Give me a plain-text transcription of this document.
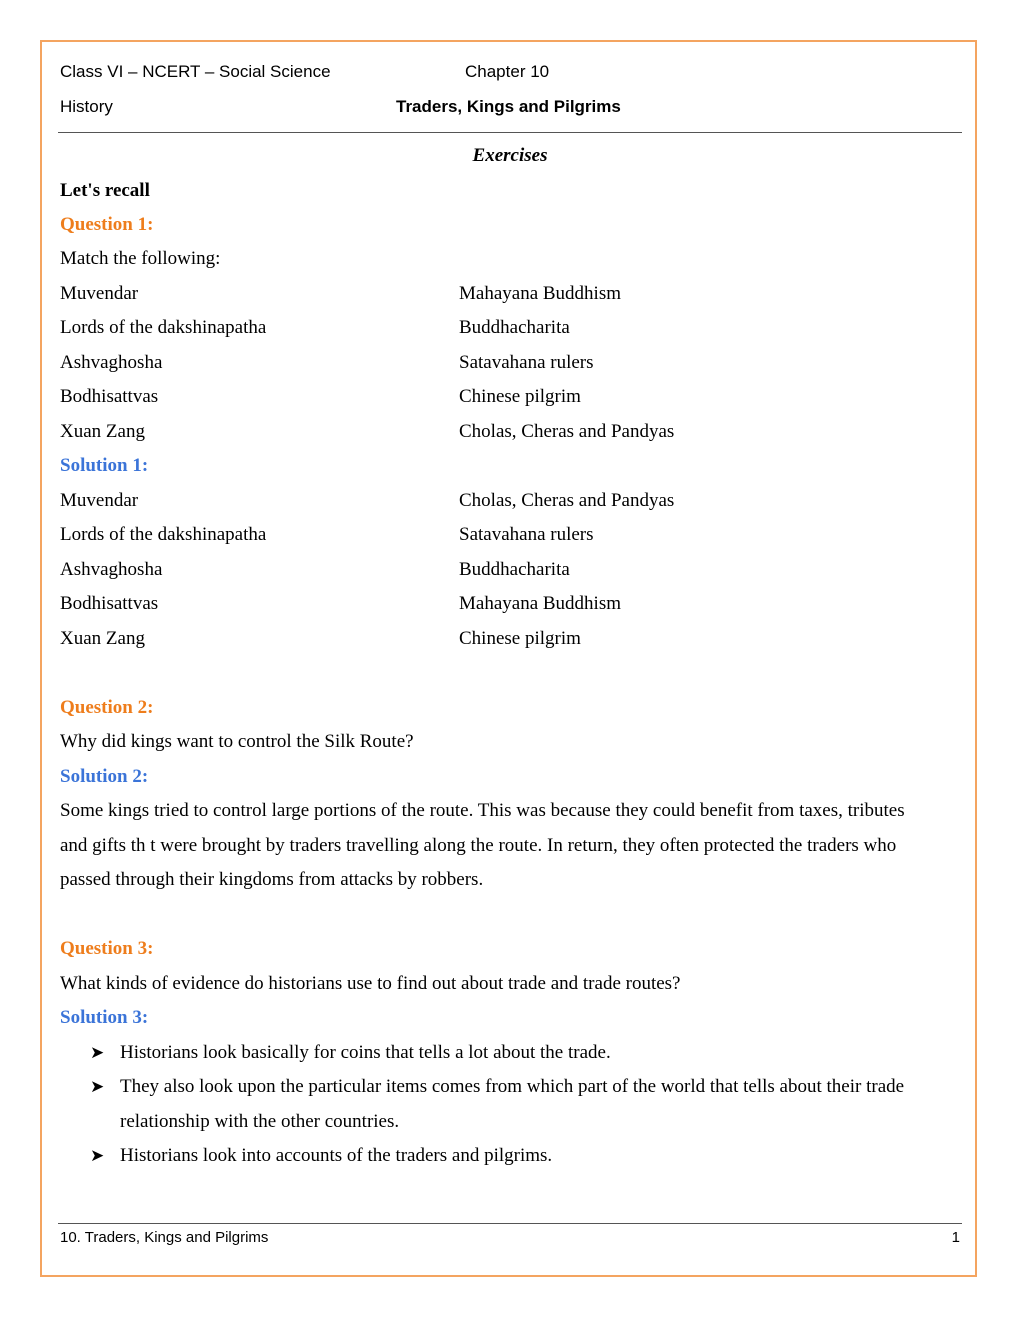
Class VI – NCERT – Social Science	Chapter 10
History	Traders, Kings and Pilgrims
Exercises
Let's recall
Question 1:
Match the following:
Muvendar	Mahayana Buddhism
Lords of the dakshinapatha	Buddhacharita
Ashvaghosha	Satavahana rulers
Bodhisattvas	Chinese pilgrim
Xuan Zang	Cholas, Cheras and Pandyas
Solution 1:
Muvendar	Cholas, Cheras and Pandyas
Lords of the dakshinapatha	Satavahana rulers
Ashvaghosha	Buddhacharita
Bodhisattvas	Mahayana Buddhism
Xuan Zang	Chinese pilgrim
Question 2:
Why did kings want to control the Silk Route?
Solution 2:
Some kings tried to control large portions of the route. This was because they could benefit from taxes, tributes
and gifts th t were brought by traders travelling along the route. In return, they often protected the traders who
passed through their kingdoms from attacks by robbers.
Question 3:
What kinds of evidence do historians use to find out about trade and trade routes?
Solution 3:
➤ Historians look basically for coins that tells a lot about the trade.
➤ They also look upon the particular items comes from which part of the world that tells about their trade
relationship with the other countries.
➤ Historians look into accounts of the traders and pilgrims.
10. Traders, Kings and Pilgrims	1
